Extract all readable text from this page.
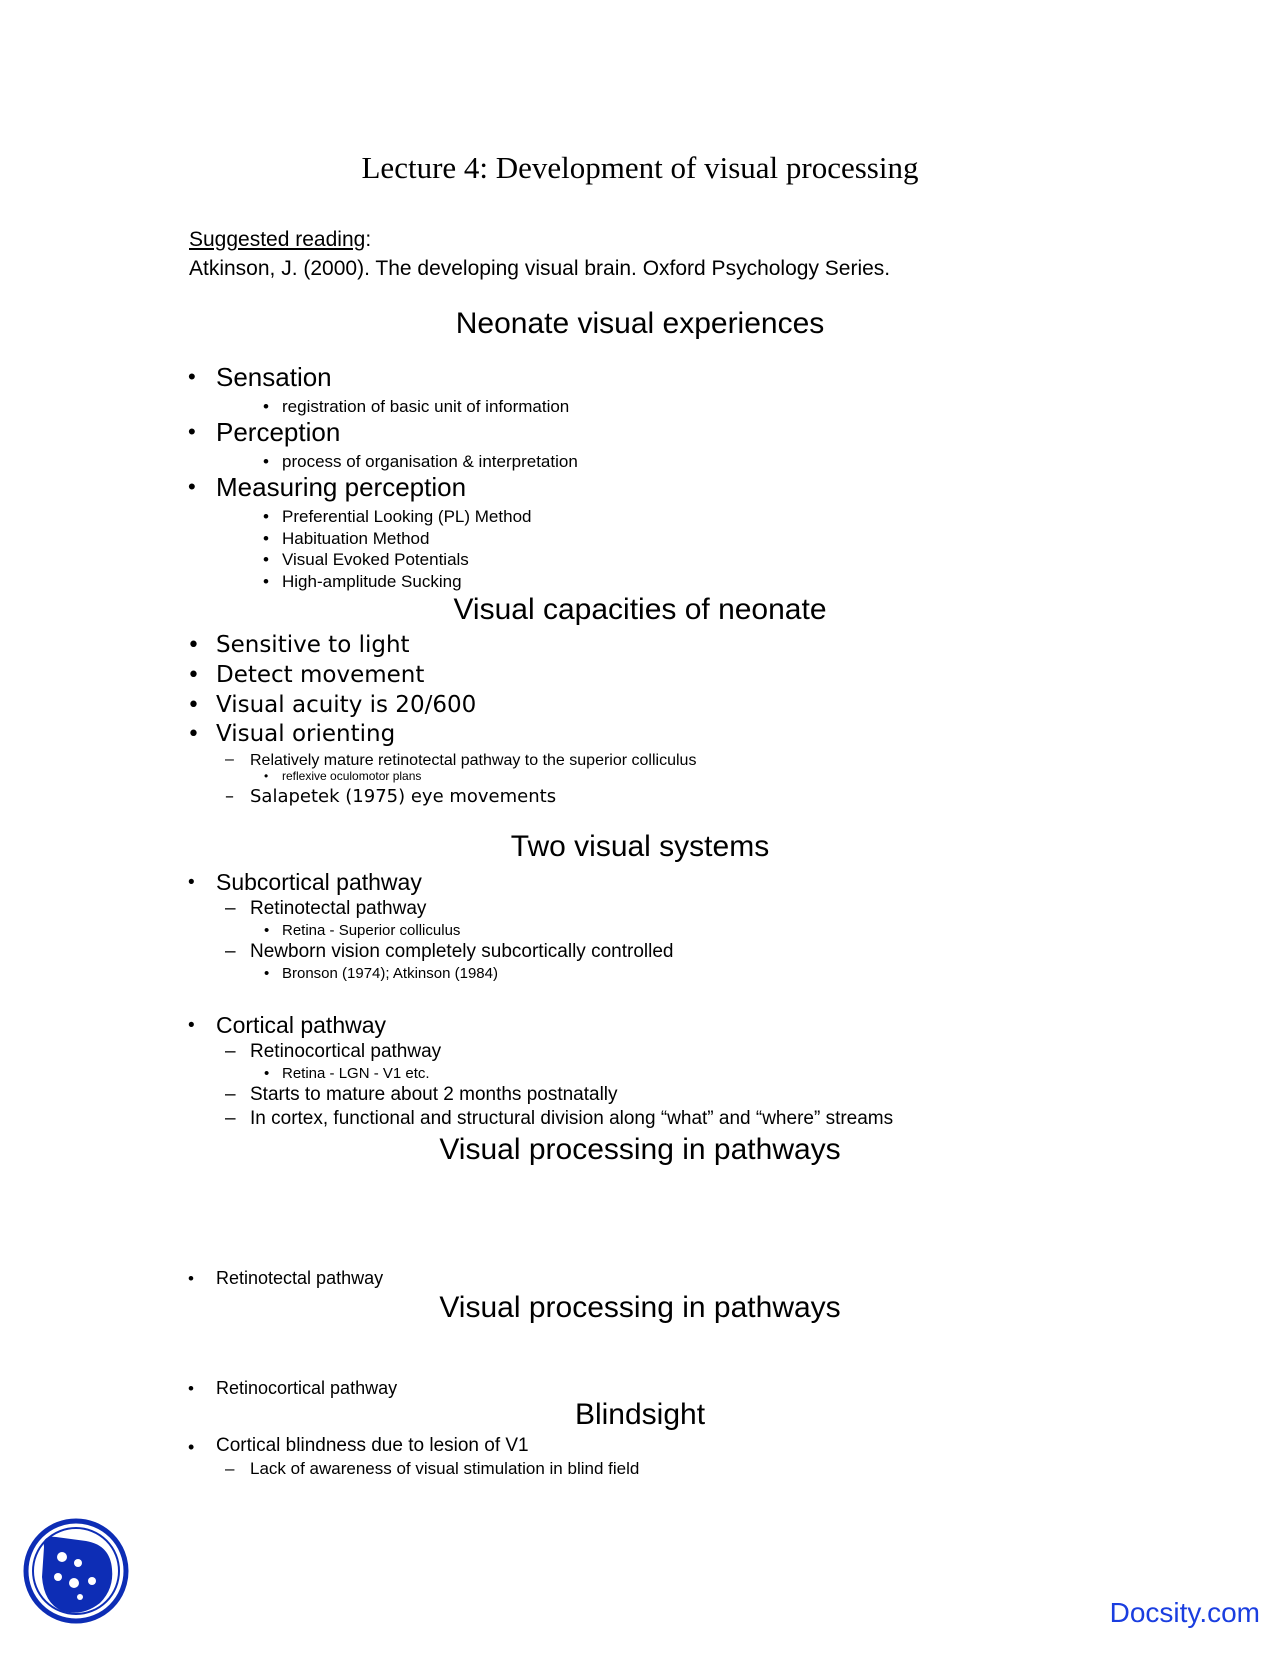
Lecture 4: Development of visual processing
Suggested reading:
Atkinson, J. (2000). The developing visual brain. Oxford Psychology Series.
Neonate visual experiences
• Sensation
• registration of basic unit of information
• Perception
• process of organisation & interpretation
• Measuring perception
• Preferential Looking (PL) Method
• Habituation Method
• Visual Evoked Potentials
• High-amplitude Sucking
Visual capacities of neonate
• Sensitive to light
• Detect movement
• Visual acuity is 20/600
• Visual orienting
– Relatively mature retinotectal pathway to the superior colliculus
• reflexive oculomotor plans
– Salapetek (1975) eye movements
Two visual systems
• Subcortical pathway
– Retinotectal pathway
• Retina - Superior colliculus
– Newborn vision completely subcortically controlled
• Bronson (1974); Atkinson (1984)
• Cortical pathway
– Retinocortical pathway
• Retina - LGN - V1 etc.
– Starts to mature about 2 months postnatally
– In cortex, functional and structural division along “what” and “where” streams
Visual processing in pathways
• Retinotectal pathway
Visual processing in pathways
• Retinocortical pathway
Blindsight
• Cortical blindness due to lesion of V1
– Lack of awareness of visual stimulation in blind field
Docsity.com
